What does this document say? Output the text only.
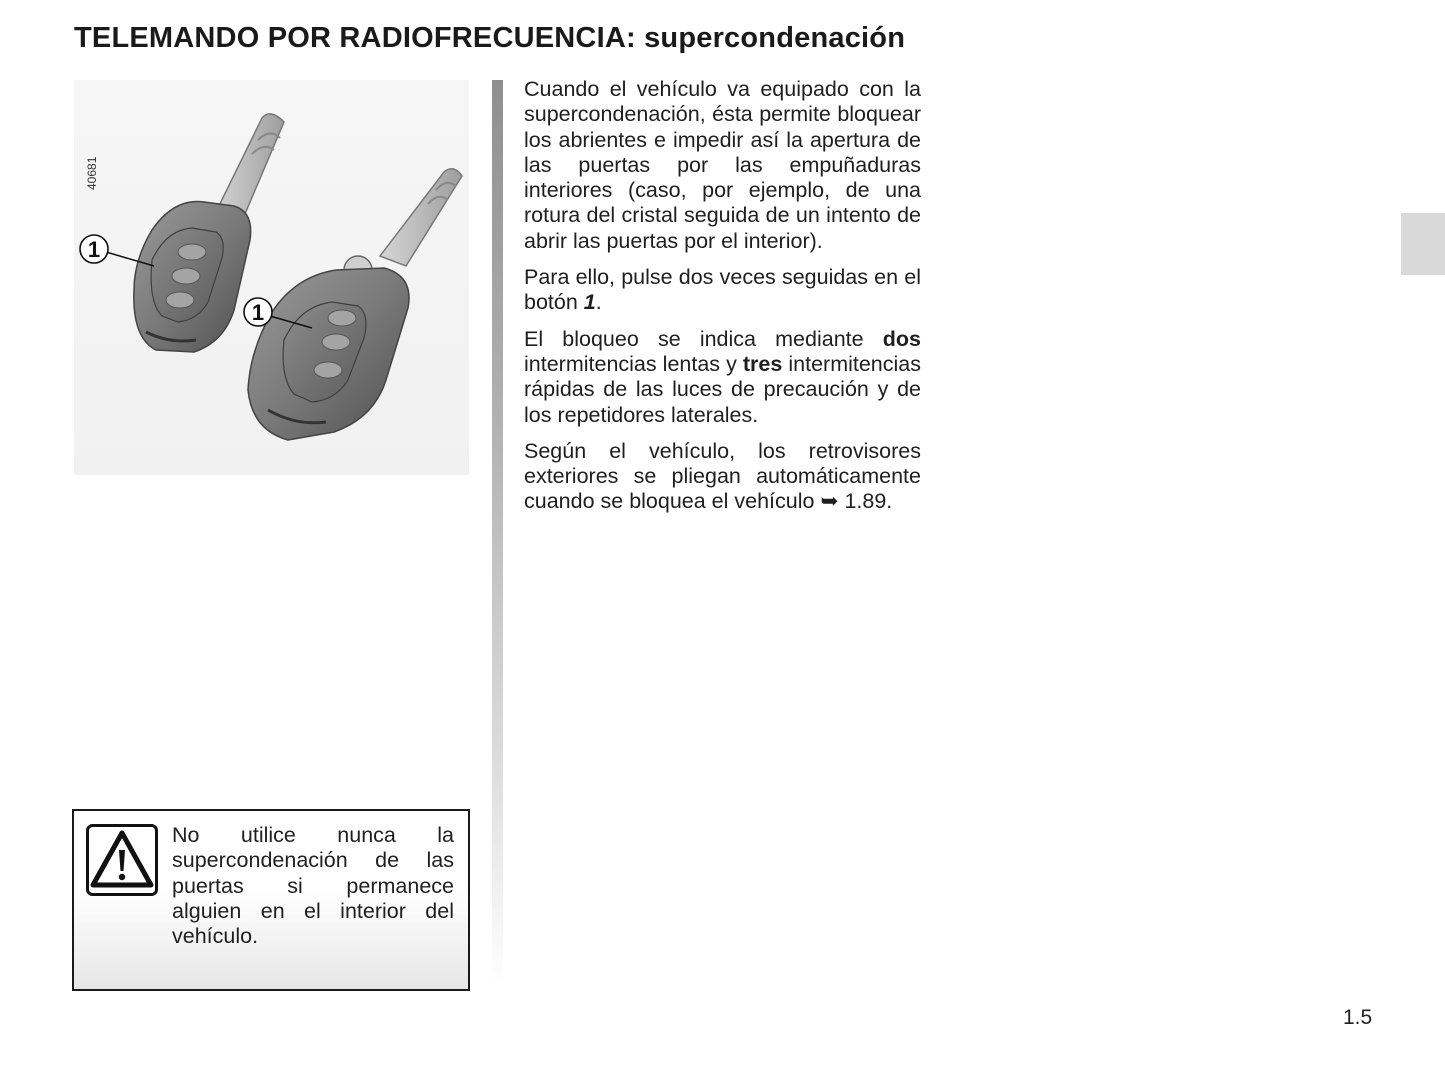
TELEMANDO POR RADIOFRECUENCIA: supercondenación
40681
1
1

Cuando el vehículo va equipado con la supercondenación, ésta permite bloquear los abrientes e impedir así la apertura de las puertas por las empuñaduras interiores (caso, por ejemplo, de una rotura del cristal seguida de un intento de abrir las puertas por el interior).

Para ello, pulse dos veces seguidas en el botón 1.

El bloqueo se indica mediante dos intermitencias lentas y tres intermitencias rápidas de las luces de precaución y de los repetidores laterales.

Según el vehículo, los retrovisores exteriores se pliegan automáticamente cuando se bloquea el vehículo ➥ 1.89.

No utilice nunca la supercondenación de las puertas si permanece alguien en el interior del vehículo.
1.5
